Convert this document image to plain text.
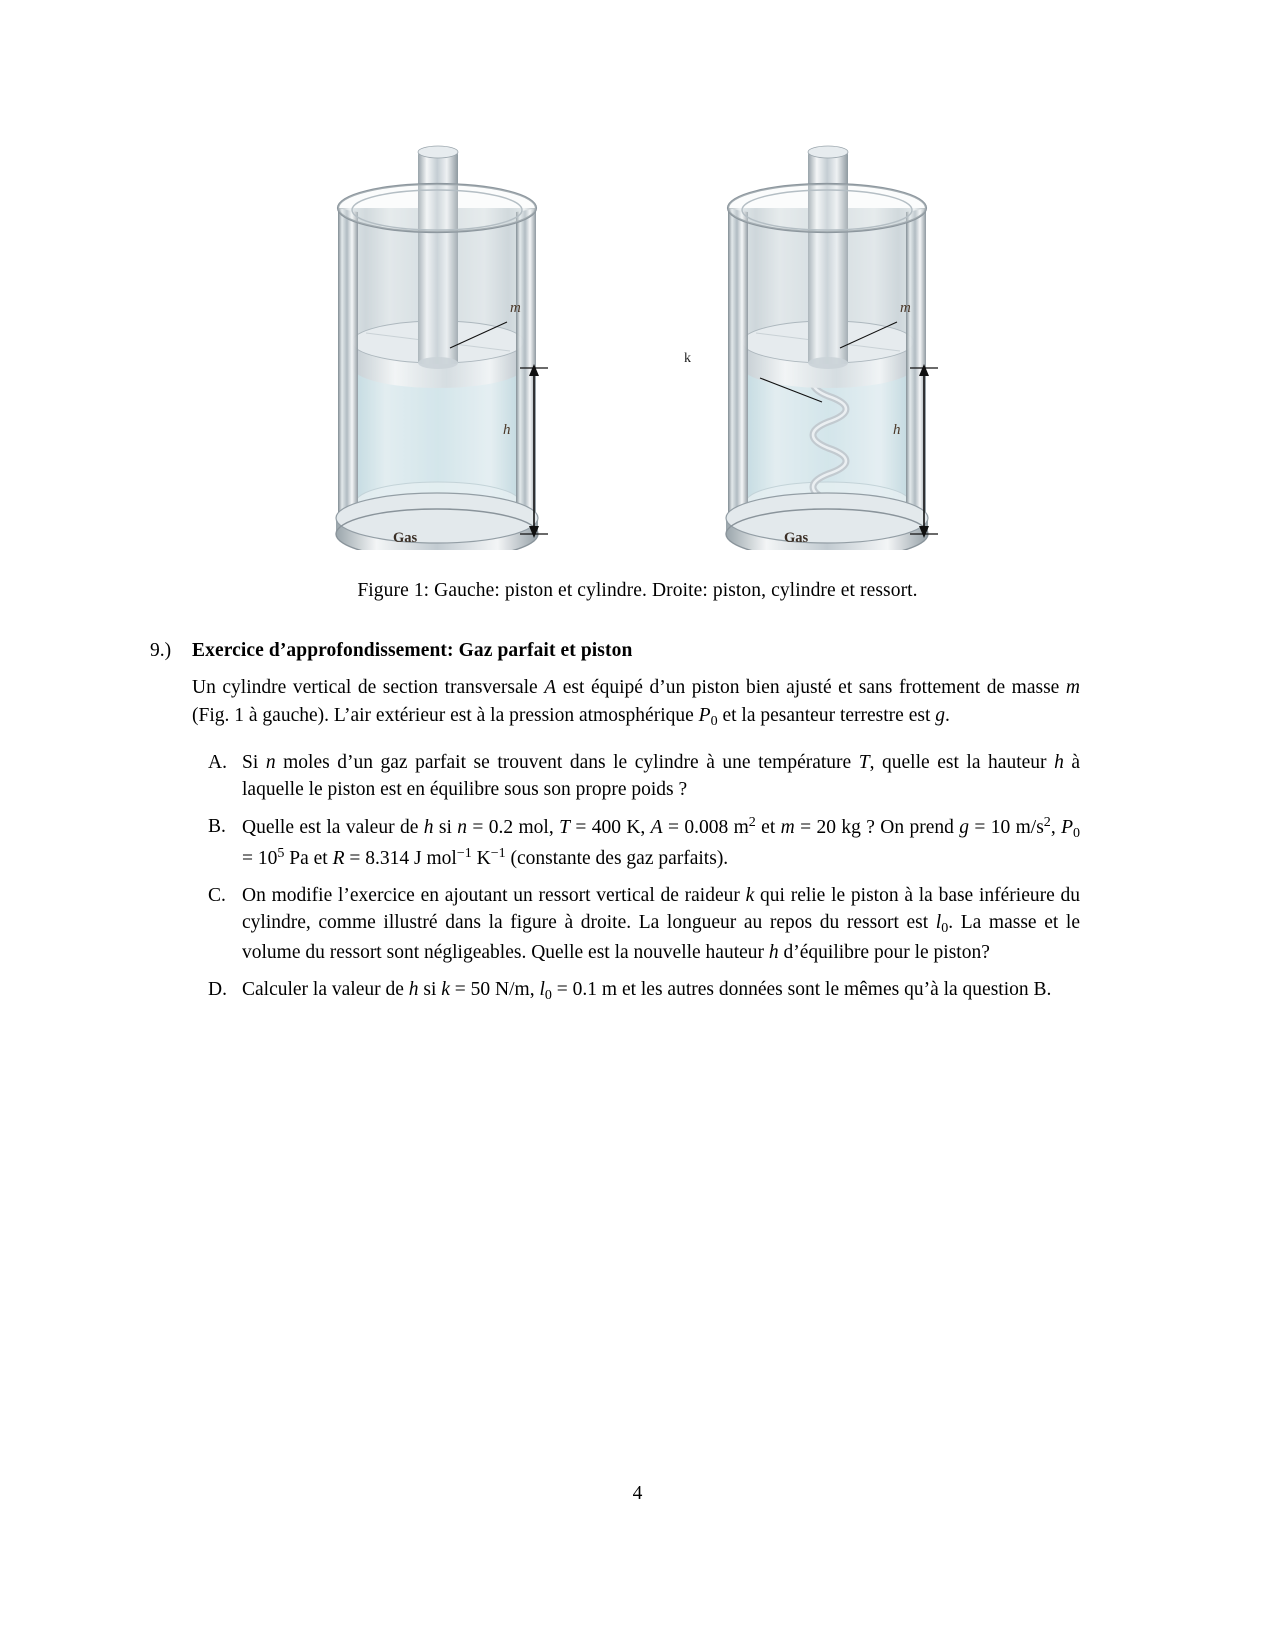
Gas
m
h
Gas
m
h
k
Figure 1: Gauche: piston et cylindre. Droite: piston, cylindre et ressort.
9.)	Exercice d’approfondissement: Gaz parfait et piston
Un cylindre vertical de section transversale A est équipé d’un piston bien ajusté et sans frottement de masse m (Fig. 1 à gauche). L’air extérieur est à la pression atmosphérique $P_0$ et la pesanteur terrestre est g.
A. Si n moles d’un gaz parfait se trouvent dans le cylindre à une température T, quelle est la hauteur h à laquelle le piston est en équilibre sous son propre poids ?
B. Quelle est la valeur de h si n = 0.2 mol, T = 400 K, A = 0.008 $m^2$ et m = 20 kg ? On prend g = 10 $m/s^2$, $P_0 = 10^5$ Pa et R = 8.314 J mol$^{-1}$ $K^{-1}$ (constante des gaz parfaits).
C. On modifie l’exercice en ajoutant un ressort vertical de raideur k qui relie le piston à la base inférieure du cylindre, comme illustré dans la figure à droite. La longueur au repos du ressort est $l_0$. La masse et le volume du ressort sont négligeables. Quelle est la nouvelle hauteur h d’équilibre pour le piston?
D. Calculer la valeur de h si k = 50 N/m, $l_0 = 0.1$ m et les autres données sont le mêmes qu’à la question B.
4
